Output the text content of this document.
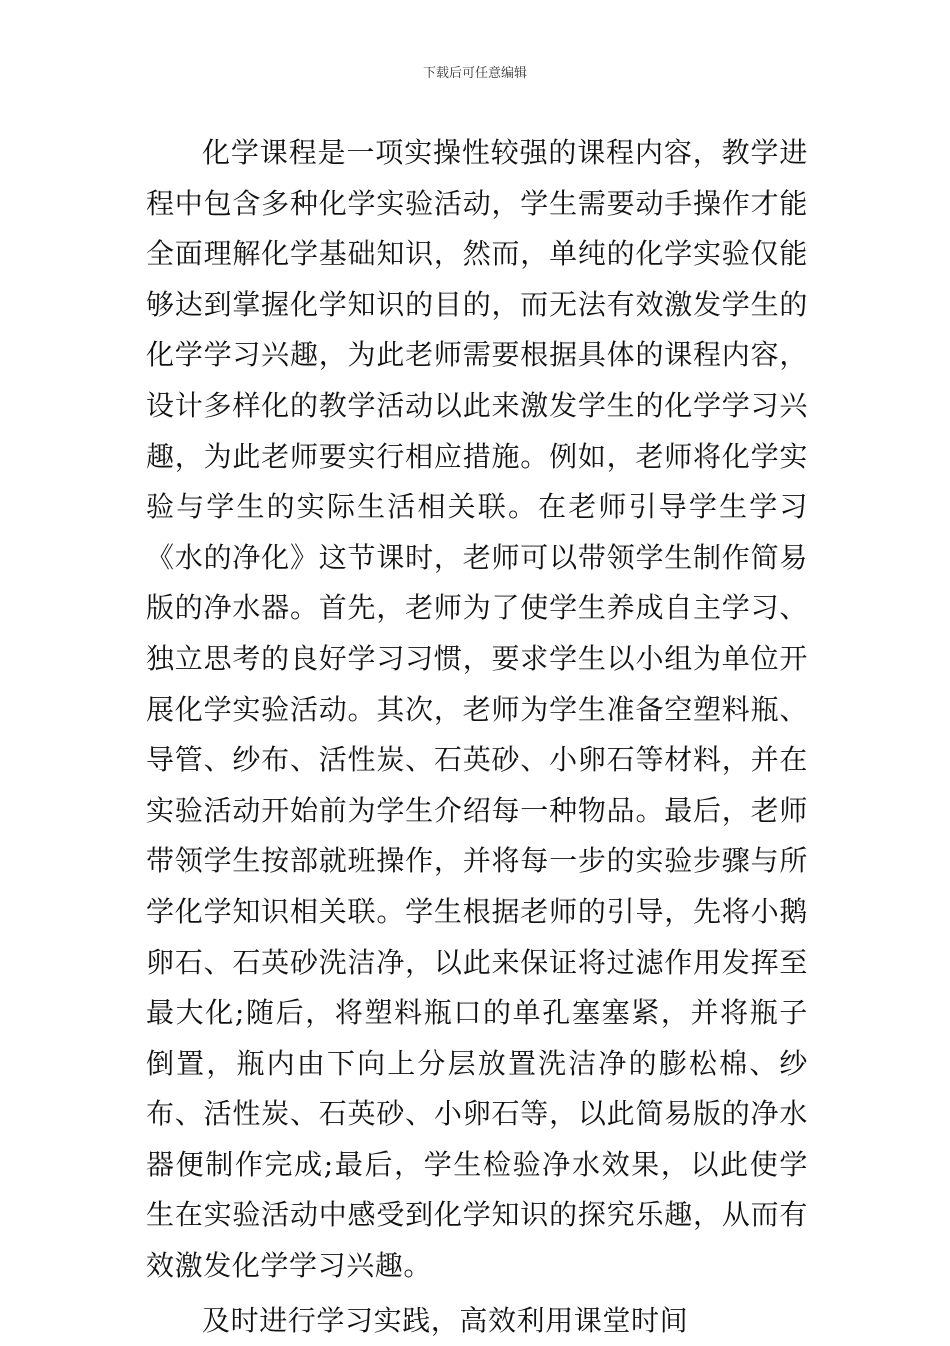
下载后可任意编辑

化学课程是一项实操性较强的课程内容，教学进程中包含多种化学实验活动，学生需要动手操作才能全面理解化学基础知识，然而，单纯的化学实验仅能够达到掌握化学知识的目的，而无法有效激发学生的化学学习兴趣，为此老师需要根据具体的课程内容，设计多样化的教学活动以此来激发学生的化学学习兴趣，为此老师要实行相应措施。例如，老师将化学实验与学生的实际生活相关联。在老师引导学生学习《水的净化》这节课时，老师可以带领学生制作简易版的净水器。首先，老师为了使学生养成自主学习、独立思考的良好学习习惯，要求学生以小组为单位开展化学实验活动。其次，老师为学生准备空塑料瓶、导管、纱布、活性炭、石英砂、小卵石等材料，并在实验活动开始前为学生介绍每一种物品。最后，老师带领学生按部就班操作，并将每一步的实验步骤与所学化学知识相关联。学生根据老师的引导，先将小鹅卵石、石英砂洗洁净，以此来保证将过滤作用发挥至最大化;随后，将塑料瓶口的单孔塞塞紧，并将瓶子倒置，瓶内由下向上分层放置洗洁净的膨松棉、纱布、活性炭、石英砂、小卵石等，以此简易版的净水器便制作完成;最后，学生检验净水效果，以此使学生在实验活动中感受到化学知识的探究乐趣，从而有效激发化学学习兴趣。

及时进行学习实践，高效利用课堂时间
